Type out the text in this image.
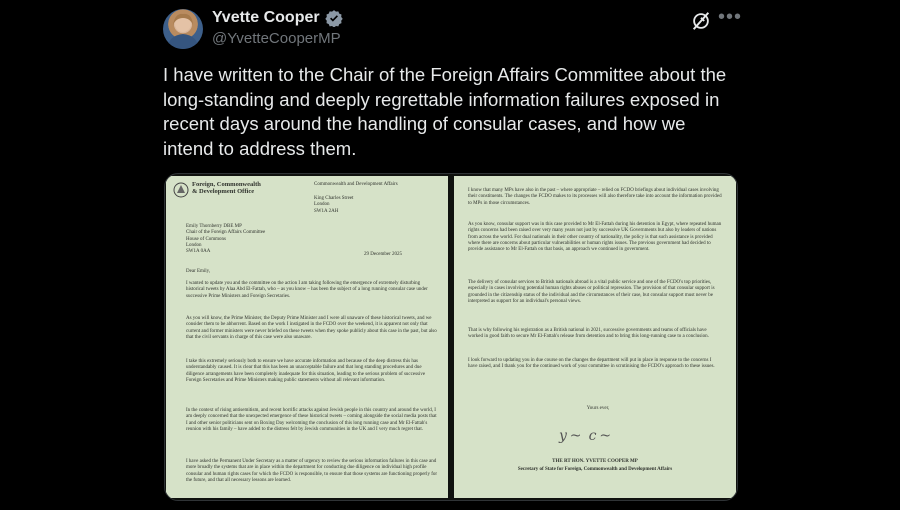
Yvette Cooper
@YvetteCooperMP
•••
I have written to the Chair of the Foreign Affairs Committee about the long-standing and deeply regrettable information failures exposed in recent days around the handling of consular cases, and how we intend to address them.
Foreign, Commonwealth
& Development Office
Commonwealth and Development Affairs
King Charles Street
London
SW1A 2AH
Emily Thornberry DBE MP
Chair of the Foreign Affairs Committee
House of Commons
London
SW1A 0AA
29 December 2025
Dear Emily,
I wanted to update you and the committee on the action I am taking following the emergence of extremely disturbing historical tweets by Alaa Abd El-Fattah, who – as you know – has been the subject of a long running consular case under successive Prime Ministers and Foreign Secretaries.
As you will know, the Prime Minister, the Deputy Prime Minister and I were all unaware of these historical tweets, and we consider them to be abhorrent. Based on the work I instigated in the FCDO over the weekend, it is apparent not only that current and former ministers were never briefed on these tweets when they spoke publicly about this case in the past, but also that the civil servants in charge of this case were also unaware.
I take this extremely seriously both to ensure we have accurate information and because of the deep distress this has understandably caused. It is clear that this has been an unacceptable failure and that long standing procedures and due diligence arrangements have been completely inadequate for this situation, leading to the serious problem of successive Foreign Secretaries and Prime Ministers making public statements without all relevant information.
In the context of rising antisemitism, and recent horrific attacks against Jewish people in this country and around the world, I am deeply concerned that the unexpected emergence of these historical tweets – coming alongside the social media posts that I and other senior politicians sent on Boxing Day welcoming the conclusion of this long running case and Mr El-Fattah's reunion with his family – have added to the distress felt by Jewish communities in the UK and I very much regret that.
I have asked the Permanent Under Secretary as a matter of urgency to review the serious information failures in this case and more broadly the systems that are in place within the department for conducting due diligence on individual high profile consular and human rights cases for which the FCDO is responsible, to ensure that those systems are functioning properly for the future, and that all necessary lessons are learned.
I know that many MPs have also in the past – where appropriate – relied on FCDO briefings about individual cases involving their constituents. The changes the FCDO makes to its processes will also therefore take into account the information provided to MPs in those circumstances.
As you know, consular support was in this case provided to Mr El-Fattah during his detention in Egypt, where repeated human rights concerns had been raised over very many years not just by successive UK Governments but also by leaders of nations from across the world. For dual nationals in their other country of nationality, the policy is that such assistance is provided where there are concerns about particular vulnerabilities or human rights issues. The previous government had decided to provide assistance to Mr El-Fattah on that basis, an approach we continued in government.
The delivery of consular services to British nationals abroad is a vital public service and one of the FCDO's top priorities, especially in cases involving potential human rights abuses or political repression. The provision of that consular support is grounded in the citizenship status of the individual and the circumstances of their case, but consular support must never be interpreted as support for an individual's personal views.
That is why following his registration as a British national in 2021, successive governments and teams of officials have worked in good faith to secure Mr El-Fattah's release from detention and to bring this long-running case to a conclusion.
I look forward to updating you in due course on the changes the department will put in place in response to the concerns I have raised, and I thank you for the continued work of your committee in scrutinising the FCDO's approach to these issues.
Yours ever,
y ~  c ~
THE RT HON. YVETTE COOPER MP
Secretary of State for Foreign, Commonwealth and Development Affairs
